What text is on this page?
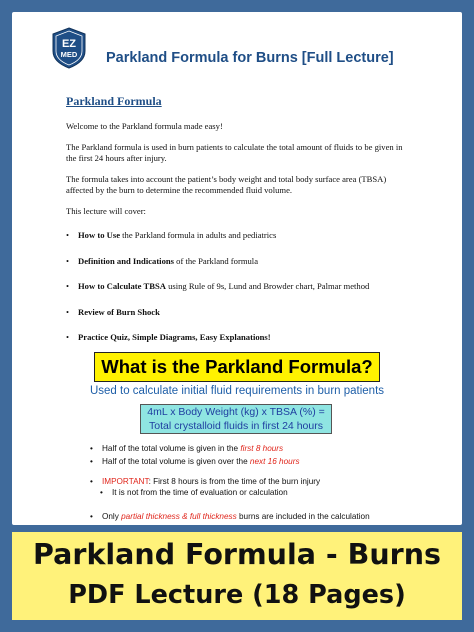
EZ
MED Parkland Formula for Burns [Full Lecture]
Parkland Formula

Welcome to the Parkland formula made easy!

The Parkland formula is used in burn patients to calculate the total amount of fluids to be given in the first 24 hours after injury.

The formula takes into account the patient’s body weight and total body surface area (TBSA) affected by the burn to determine the recommended fluid volume.

This lecture will cover:

• How to Use the Parkland formula in adults and pediatrics
• Definition and Indications of the Parkland formula
• How to Calculate TBSA using Rule of 9s, Lund and Browder chart, Palmar method
• Review of Burn Shock
• Practice Quiz, Simple Diagrams, Easy Explanations!
What is the Parkland Formula?
Used to calculate initial fluid requirements in burn patients
4mL x Body Weight (kg) x TBSA (%) =
Total crystalloid fluids in first 24 hours
• Half of the total volume is given in the first 8 hours
• Half of the total volume is given over the next 16 hours
• IMPORTANT: First 8 hours is from the time of the burn injury
• It is not from the time of evaluation or calculation
• Only partial thickness & full thickness burns are included in the calculation
Parkland Formula - Burns
PDF Lecture (18 Pages)
